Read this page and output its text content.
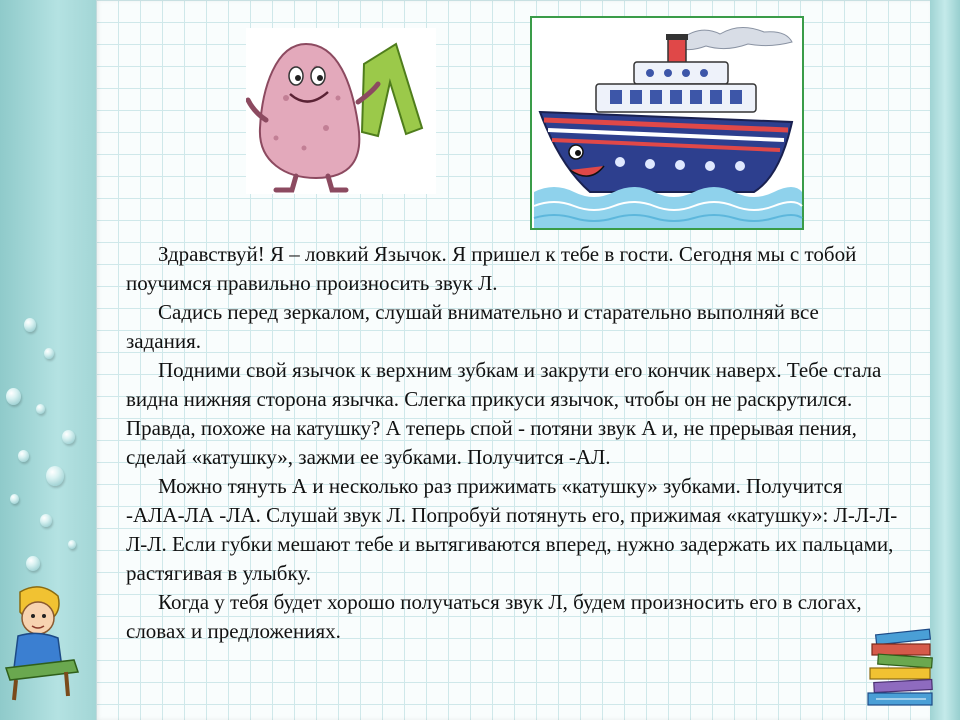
Здравствуй! Я – ловкий Язычок. Я пришел к тебе в гости. Сегодня мы с тобой поучимся правильно произносить звук Л.

Садись перед зеркалом, слушай внимательно и старательно выполняй все задания.

Подними свой язычок к верхним зубкам и закрути его кончик наверх. Тебе стала видна нижняя сторона язычка. Слегка прикуси язычок, чтобы он не раскрутился. Правда, похоже на катушку? А теперь спой - потяни звук А и, не прерывая пения, сделай «катушку», зажми ее зубками. Получится -АЛ.

Можно тянуть А и несколько раз прижимать «катушку» зубками. Получится -АЛА-ЛА -ЛА. Слушай звук Л. Попробуй потянуть его, прижимая «катушку»: Л-Л-Л-Л-Л. Если губки мешают тебе и вытягиваются вперед, нужно задержать их пальцами, растягивая в улыбку.

Когда у тебя будет хорошо получаться звук Л, будем произносить его в слогах, словах и предложениях.
